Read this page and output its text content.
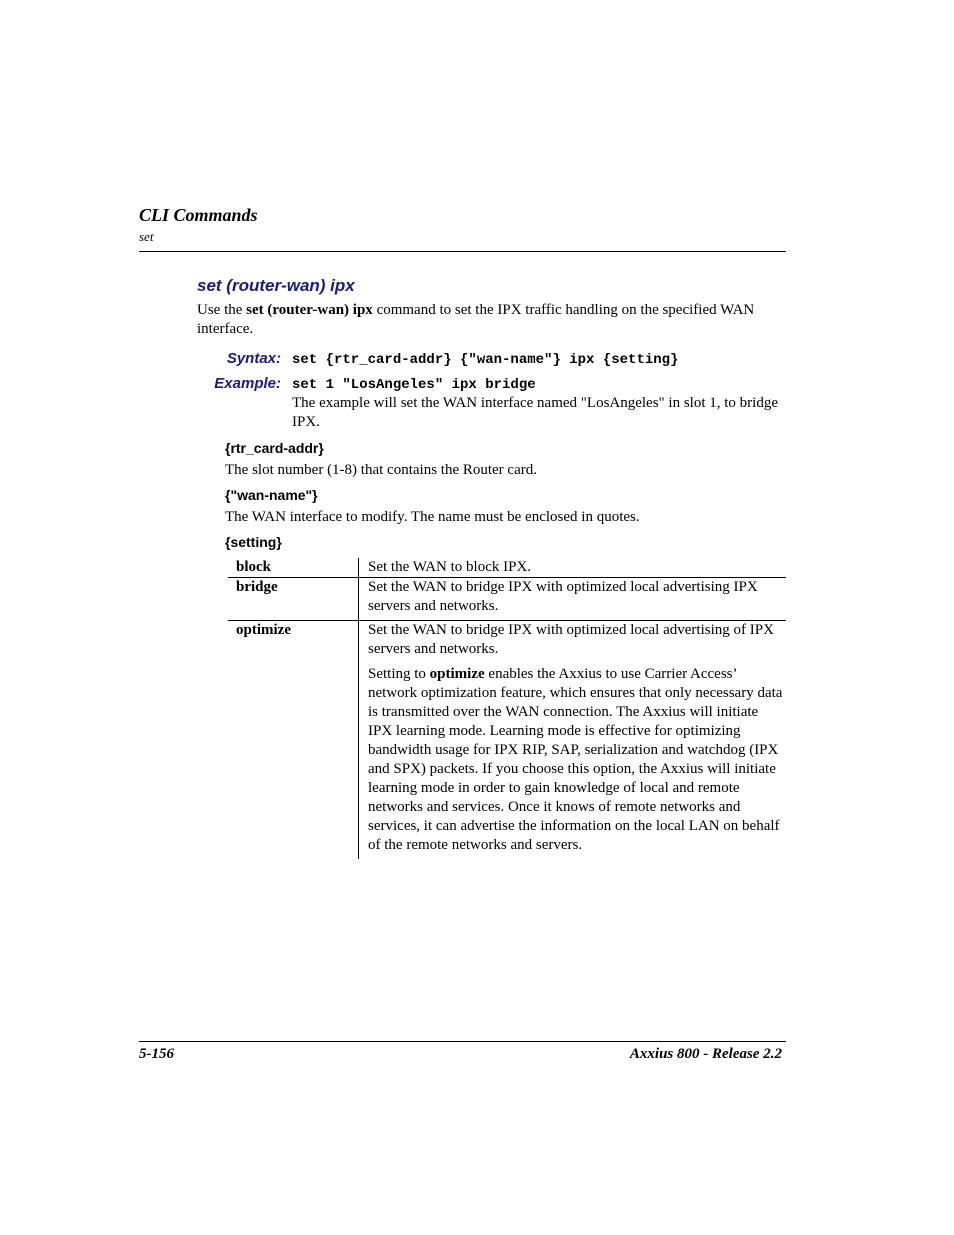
CLI Commands
set
set (router-wan) ipx
Use the set (router-wan) ipx command to set the IPX traffic handling on the specified WAN interface.
Syntax: set {rtr_card-addr} {"wan-name"} ipx {setting}
Example: set 1 "LosAngeles" ipx bridge
The example will set the WAN interface named "LosAngeles" in slot 1, to bridge IPX.
{rtr_card-addr}
The slot number (1-8) that contains the Router card.
{"wan-name"}
The WAN interface to modify. The name must be enclosed in quotes.
{setting}
block	Set the WAN to block IPX.
bridge	Set the WAN to bridge IPX with optimized local advertising IPX servers and networks.
optimize	Set the WAN to bridge IPX with optimized local advertising of IPX servers and networks.
Setting to optimize enables the Axxius to use Carrier Access’ network optimization feature, which ensures that only necessary data is transmitted over the WAN connection. The Axxius will initiate IPX learning mode. Learning mode is effective for optimizing bandwidth usage for IPX RIP, SAP, serialization and watchdog (IPX and SPX) packets. If you choose this option, the Axxius will initiate learning mode in order to gain knowledge of local and remote networks and services. Once it knows of remote networks and services, it can advertise the information on the local LAN on behalf of the remote networks and servers.
5-156	Axxius 800 - Release 2.2
